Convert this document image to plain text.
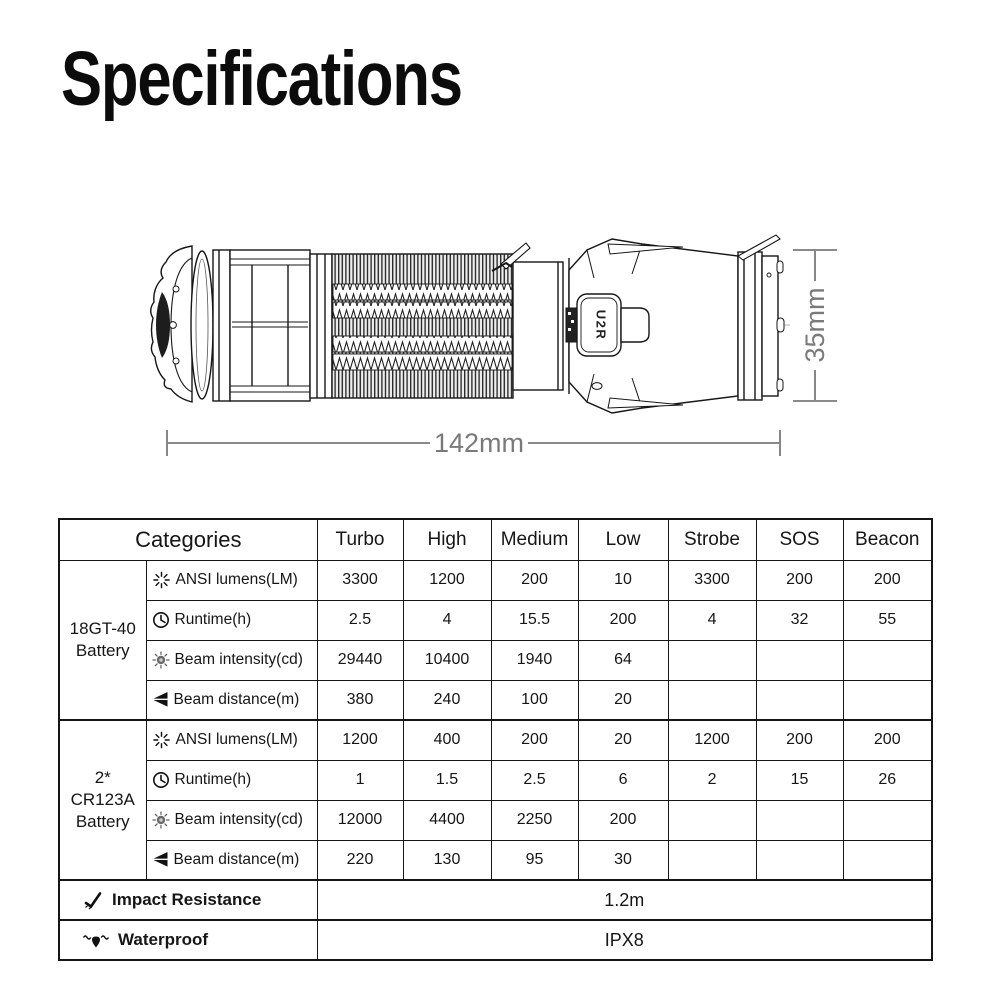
Specifications
U2R
142mm
35mm
Categories		Turbo	High	Medium	Low	Strobe	SOS	Beacon

18GT-40
Battery	ANSI lumens(LM)	3300	1200	200	10	3300	200	200

	Runtime(h)	2.5	4	15.5	200	4	32	55

	Beam intensity(cd)	29440	10400	1940	64			

	Beam distance(m)	380	240	100	20			

2*
CR123A
Battery	ANSI lumens(LM)	1200	400	200	20	1200	200	200

	Runtime(h)	1	1.5	2.5	6	2	15	26

	Beam intensity(cd)	12000	4400	2250	200			

	Beam distance(m)	220	130	95	30			

Impact Resistance		1.2m						

Waterproof		IPX8						
